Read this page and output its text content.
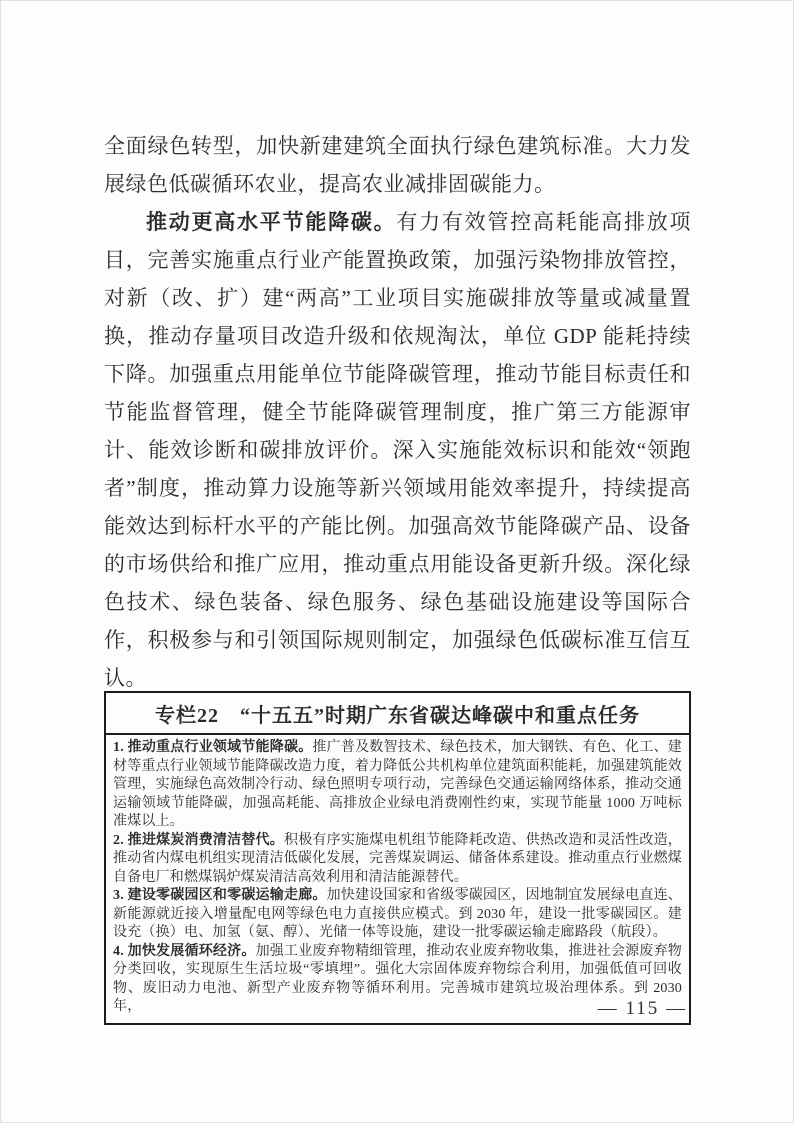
全面绿色转型，加快新建建筑全面执行绿色建筑标准。大力发展绿色低碳循环农业，提高农业减排固碳能力。

推动更高水平节能降碳。有力有效管控高耗能高排放项目，完善实施重点行业产能置换政策，加强污染物排放管控，对新（改、扩）建“两高”工业项目实施碳排放等量或减量置换，推动存量项目改造升级和依规淘汰，单位 GDP 能耗持续下降。加强重点用能单位节能降碳管理，推动节能目标责任和节能监督管理，健全节能降碳管理制度，推广第三方能源审计、能效诊断和碳排放评价。深入实施能效标识和能效“领跑者”制度，推动算力设施等新兴领域用能效率提升，持续提高能效达到标杆水平的产能比例。加强高效节能降碳产品、设备的市场供给和推广应用，推动重点用能设备更新升级。深化绿色技术、绿色装备、绿色服务、绿色基础设施建设等国际合作，积极参与和引领国际规则制定，加强绿色低碳标准互信互认。

专栏22　“十五五”时期广东省碳达峰碳中和重点任务

1. 推动重点行业领域节能降碳。推广普及数智技术、绿色技术，加大钢铁、有色、化工、建材等重点行业领域节能降碳改造力度，着力降低公共机构单位建筑面积能耗，加强建筑能效管理，实施绿色高效制冷行动、绿色照明专项行动，完善绿色交通运输网络体系，推动交通运输领域节能降碳，加强高耗能、高排放企业绿电消费刚性约束，实现节能量 1000 万吨标准煤以上。

2. 推进煤炭消费清洁替代。积极有序实施煤电机组节能降耗改造、供热改造和灵活性改造，推动省内煤电机组实现清洁低碳化发展，完善煤炭调运、储备体系建设。推动重点行业燃煤自备电厂和燃煤锅炉煤炭清洁高效利用和清洁能源替代。

3. 建设零碳园区和零碳运输走廊。加快建设国家和省级零碳园区，因地制宜发展绿电直连、新能源就近接入增量配电网等绿色电力直接供应模式。到 2030 年，建设一批零碳园区。建设充（换）电、加氢（氨、醇）、光储一体等设施，建设一批零碳运输走廊路段（航段）。

4. 加快发展循环经济。加强工业废弃物精细管理，推动农业废弃物收集，推进社会源废弃物分类回收，实现原生生活垃圾“零填埋”。强化大宗固体废弃物综合利用，加强低值可回收物、废旧动力电池、新型产业废弃物等循环利用。完善城市建筑垃圾治理体系。到 2030 年，	— 115 —
